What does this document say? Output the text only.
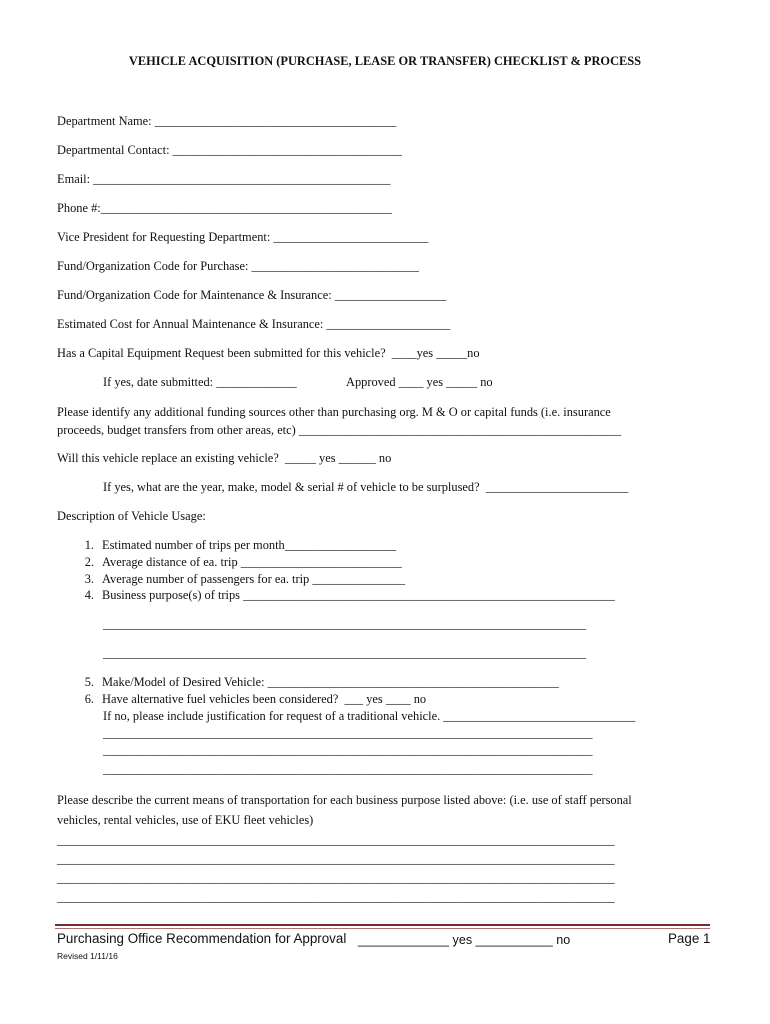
VEHICLE ACQUISITION (PURCHASE, LEASE OR TRANSFER) CHECKLIST & PROCESS
Department Name: _______________________________________
Departmental Contact: _____________________________________
Email: ________________________________________________
Phone #:_______________________________________________
Vice President for Requesting Department: _________________________
Fund/Organization Code for Purchase: ___________________________
Fund/Organization Code for Maintenance & Insurance: __________________
Estimated Cost for Annual Maintenance & Insurance: ____________________
Has a Capital Equipment Request been submitted for this vehicle?  ____yes _____no
If yes, date submitted: _____________	Approved ____ yes _____ no
Please identify any additional funding sources other than purchasing org. M & O or capital funds (i.e. insurance
proceeds, budget transfers from other areas, etc) ____________________________________________________
Will this vehicle replace an existing vehicle?  _____ yes ______ no
If yes, what are the year, make, model & serial # of vehicle to be surplused?  _______________________
Description of Vehicle Usage:
1. Estimated number of trips per month__________________
2. Average distance of ea. trip __________________________
3. Average number of passengers for ea. trip _______________
4. Business purpose(s) of trips ____________________________________________________________
______________________________________________________________________________
______________________________________________________________________________
5. Make/Model of Desired Vehicle: _______________________________________________
6. Have alternative fuel vehicles been considered?  ___ yes ____ no
If no, please include justification for request of a traditional vehicle. _______________________________
_______________________________________________________________________________
_______________________________________________________________________________
_______________________________________________________________________________
Please describe the current means of transportation for each business purpose listed above: (i.e. use of staff personal
vehicles, rental vehicles, use of EKU fleet vehicles)
__________________________________________________________________________________________
__________________________________________________________________________________________
__________________________________________________________________________________________
__________________________________________________________________________________________
Purchasing Office Recommendation for Approval _____________ yes ___________ no	Page 1
Revised 1/11/16
